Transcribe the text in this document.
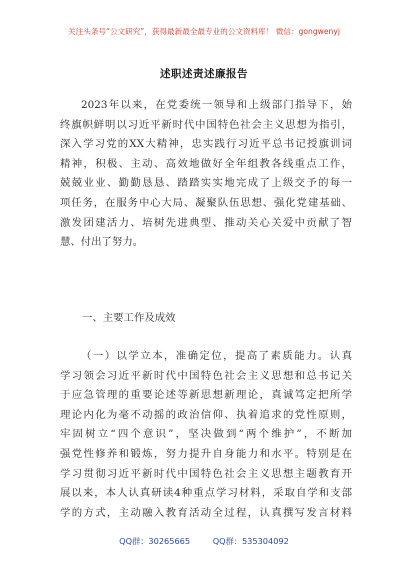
关注头条号“公文研究”，获得最新最全最专业的公文资料库！ 微信：gongwenyj
述职述责述廉报告
2023年以来，在党委统一领导和上级部门指导下，始
终旗帜鲜明以习近平新时代中国特色社会主义思想为指引，
深入学习党的XX大精神，忠实践行习近平总书记授旗训词
精神，积极、主动、高效地做好全年组教各线重点工作，
兢兢业业、勤勤恳恳、踏踏实实地完成了上级交予的每一
项任务，在服务中心大局、凝聚队伍思想、强化党建基础、
激发团建活力、培树先进典型、推动关心关爱中贡献了智
慧、付出了努力。
一、主要工作及成效
（一）以学立本，准确定位，提高了素质能力。认真
学习领会习近平新时代中国特色社会主义思想和总书记关
于应急管理的重要论述等新思想新理论，真诚笃定把所学
理论内化为毫不动摇的政治信仰、执着追求的党性原则，
牢固树立“四个意识”，坚决做到“两个维护”，不断加
强党性修养和锻炼，努力提升自身能力和水平。特别是在
学习贯彻习近平新时代中国特色社会主义思想主题教育开
展以来，本人认真研读4种重点学习材料，采取自学和支部
学的方式，主动融入教育活动全过程，认真撰写发言材料
QQ群：30265665	QQ群：535304092
